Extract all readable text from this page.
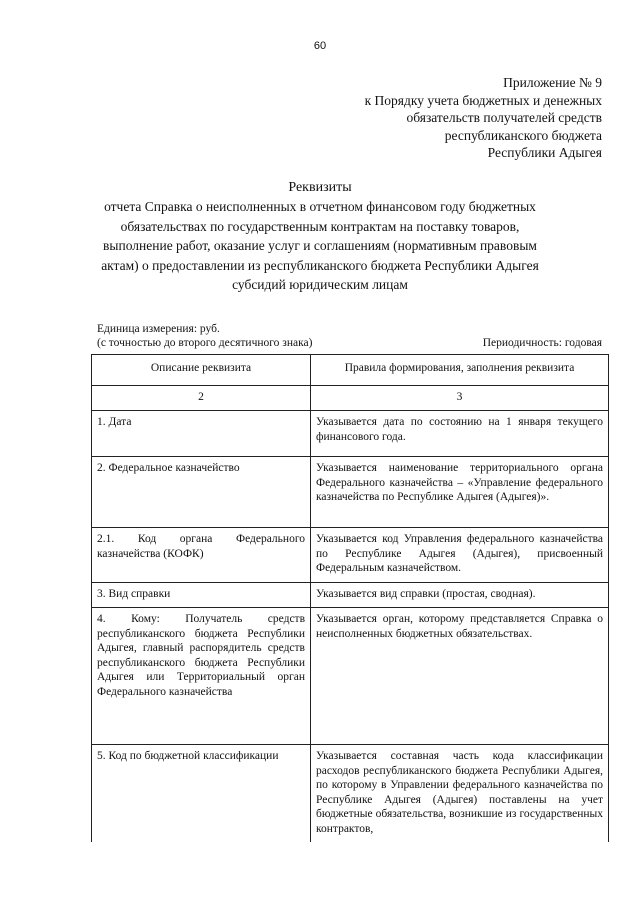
60
Приложение № 9
к Порядку учета бюджетных и денежных
обязательств получателей средств
республиканского бюджета
Республики Адыгея
Реквизиты
отчета Справка о неисполненных в отчетном финансовом году бюджетных обязательствах по государственным контрактам на поставку товаров, выполнение работ, оказание услуг и соглашениям (нормативным правовым актам) о предоставлении из республиканского бюджета Республики Адыгея субсидий юридическим лицам
Единица измерения: руб.
(с точностью до второго десятичного знака)	Периодичность: годовая
Описание реквизита	Правила формирования, заполнения реквизита
2	3
1. Дата	Указывается дата по состоянию на 1 января текущего финансового года.
2. Федеральное казначейство	Указывается наименование территориального органа Федерального казначейства – «Управление федерального казначейства по Республике Адыгея (Адыгея)».
2.1. Код органа Федерального казначейства (КОФК)	Указывается код Управления федерального казначейства по Республике Адыгея (Адыгея), присвоенный Федеральным казначейством.
3. Вид справки	Указывается вид справки (простая, сводная).
4. Кому: Получатель средств республиканского бюджета Республики Адыгея, главный распорядитель средств республиканского бюджета Республики Адыгея или Территориальный орган Федерального казначейства	Указывается орган, которому представляется Справка о неисполненных бюджетных обязательствах.
5. Код по бюджетной классификации	Указывается составная часть кода классификации расходов республиканского бюджета Республики Адыгея, по которому в Управлении федерального казначейства по Республике Адыгея (Адыгея) поставлены на учет бюджетные обязательства, возникшие из государственных контрактов,
